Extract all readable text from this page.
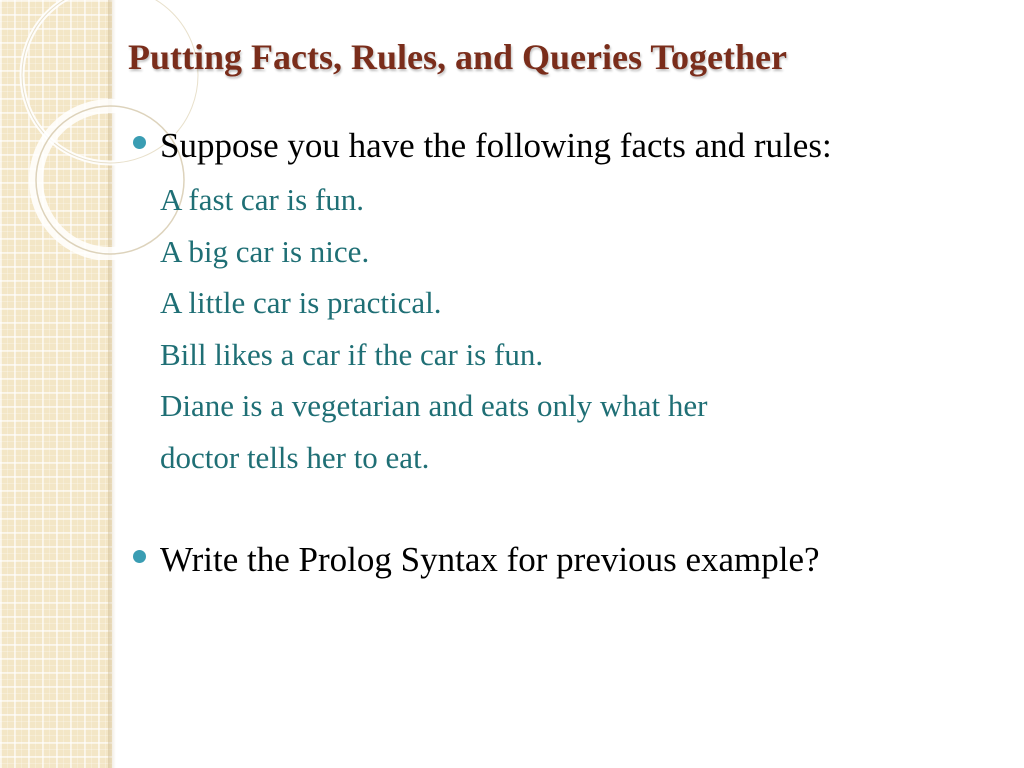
Putting Facts, Rules, and Queries Together
Suppose you have the following facts and rules:
A fast car is fun.
A big car is nice.
A little car is practical.
Bill likes a car if the car is fun.
Diane is a vegetarian and eats only what her
doctor tells her to eat.
Write the Prolog Syntax for previous example?
